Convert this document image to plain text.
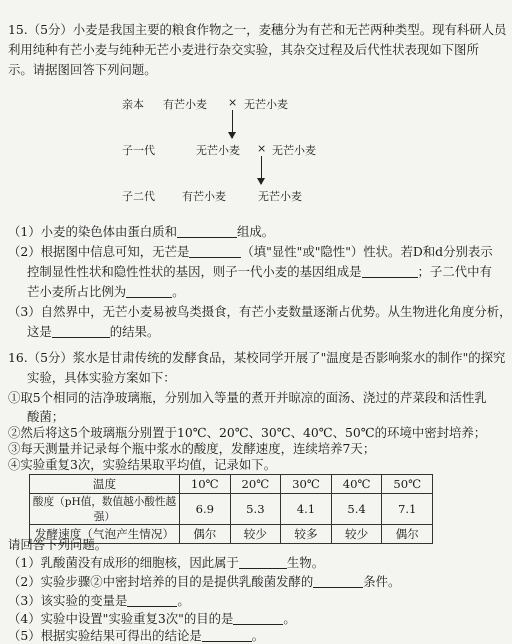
15.（5分）小麦是我国主要的粮食作物之一，麦穗分为有芒和无芒两种类型。现有科研人员
利用纯种有芒小麦与纯种无芒小麦进行杂交实验，其杂交过程及后代性状表现如下图所
示。请据图回答下列问题。
亲本 有芒小麦 × 无芒小麦
子一代	无芒小麦 × 无芒小麦
子二代 有芒小麦	无芒小麦
（1）小麦的染色体由蛋白质和	组成。
（2）根据图中信息可知，无芒是	（填"显性"或"隐性"）性状。若D和d分别表示
控制显性性状和隐性性状的基因，则子一代小麦的基因组成是	；子二代中有
芒小麦所占比例为	。
（3）自然界中，无芒小麦易被鸟类摄食，有芒小麦数量逐渐占优势。从生物进化角度分析，
这是	的结果。
16.（5分）浆水是甘肃传统的发酵食品，某校同学开展了"温度是否影响浆水的制作"的探究
实验，具体实验方案如下：
①取5个相同的洁净玻璃瓶，分别加入等量的煮开并晾凉的面汤、浇过的芹菜段和活性乳
酸菌；
②然后将这5个玻璃瓶分别置于10℃、20℃、30℃、40℃、50℃的环境中密封培养；
温度	10℃	20℃	30℃	40℃	50℃
酸度（pH值，数值越小酸性越强）	6.9	5.3	4.1	5.4	7.1
发酵速度（气泡产生情况）	偶尔	较少	较多	较少	偶尔
请回答下列问题。
（1）乳酸菌没有成形的细胞核，因此属于	生物。
（2）实验步骤②中密封培养的目的是提供乳酸菌发酵的	条件。
（3）该实验的变量是	。
（4）实验中设置"实验重复3次"的目的是	。
（5）根据实验结果可得出的结论是	。
③每天测量并记录每个瓶中浆水的酸度，发酵速度，连续培养7天；
④实验重复3次，实验结果取平均值，记录如下。
